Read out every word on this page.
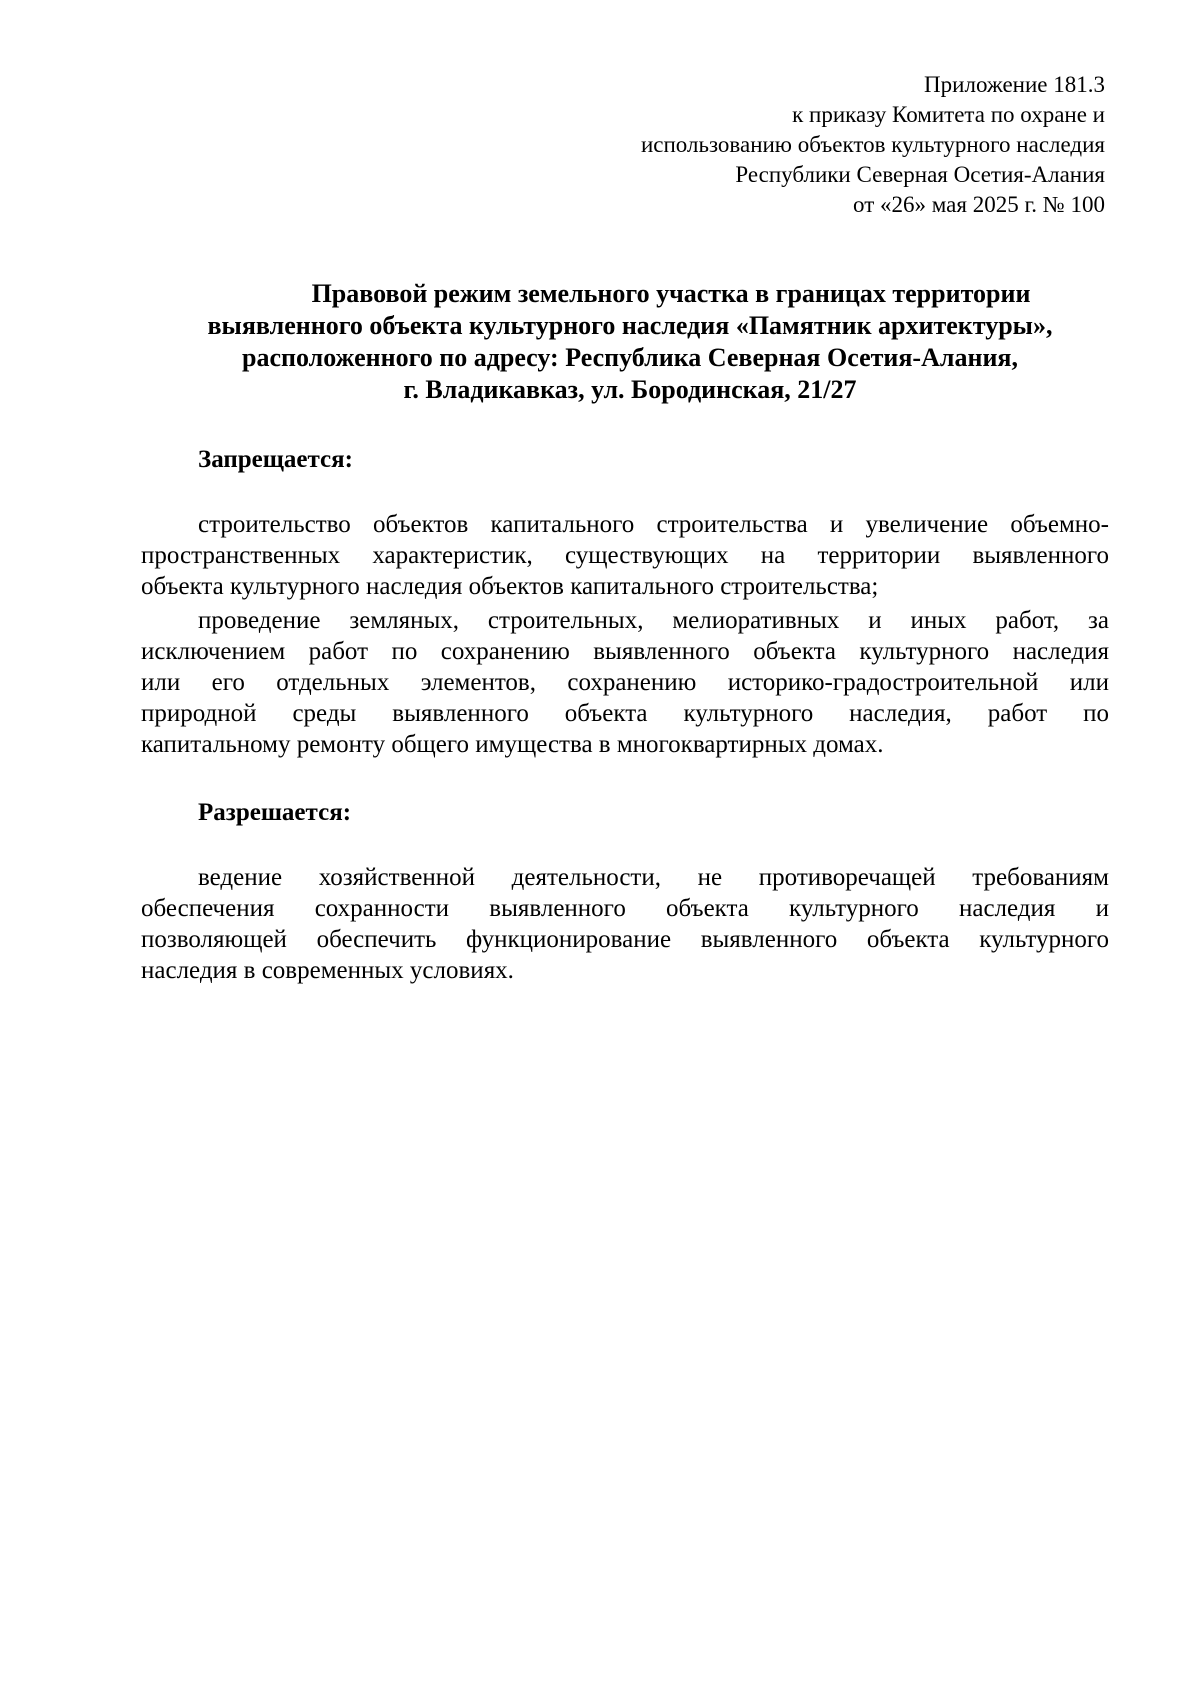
Приложение 181.3
к приказу Комитета по охране и
использованию объектов культурного наследия
Республики Северная Осетия-Алания
от «26» мая 2025 г. № 100
Правовой режим земельного участка в границах территории
выявленного объекта культурного наследия «Памятник архитектуры»,
расположенного по адресу: Республика Северная Осетия-Алания,
г. Владикавказ, ул. Бородинская, 21/27
Запрещается:
строительство объектов капитального строительства и увеличение объемно-
пространственных характеристик, существующих на территории выявленного
объекта культурного наследия объектов капитального строительства;
проведение земляных, строительных, мелиоративных и иных работ, за
исключением работ по сохранению выявленного объекта культурного наследия
или его отдельных элементов, сохранению историко-градостроительной или
природной среды выявленного объекта культурного наследия, работ по
капитальному ремонту общего имущества в многоквартирных домах.
Разрешается:
ведение хозяйственной деятельности, не противоречащей требованиям
обеспечения сохранности выявленного объекта культурного наследия и
позволяющей обеспечить функционирование выявленного объекта культурного
наследия в современных условиях.
